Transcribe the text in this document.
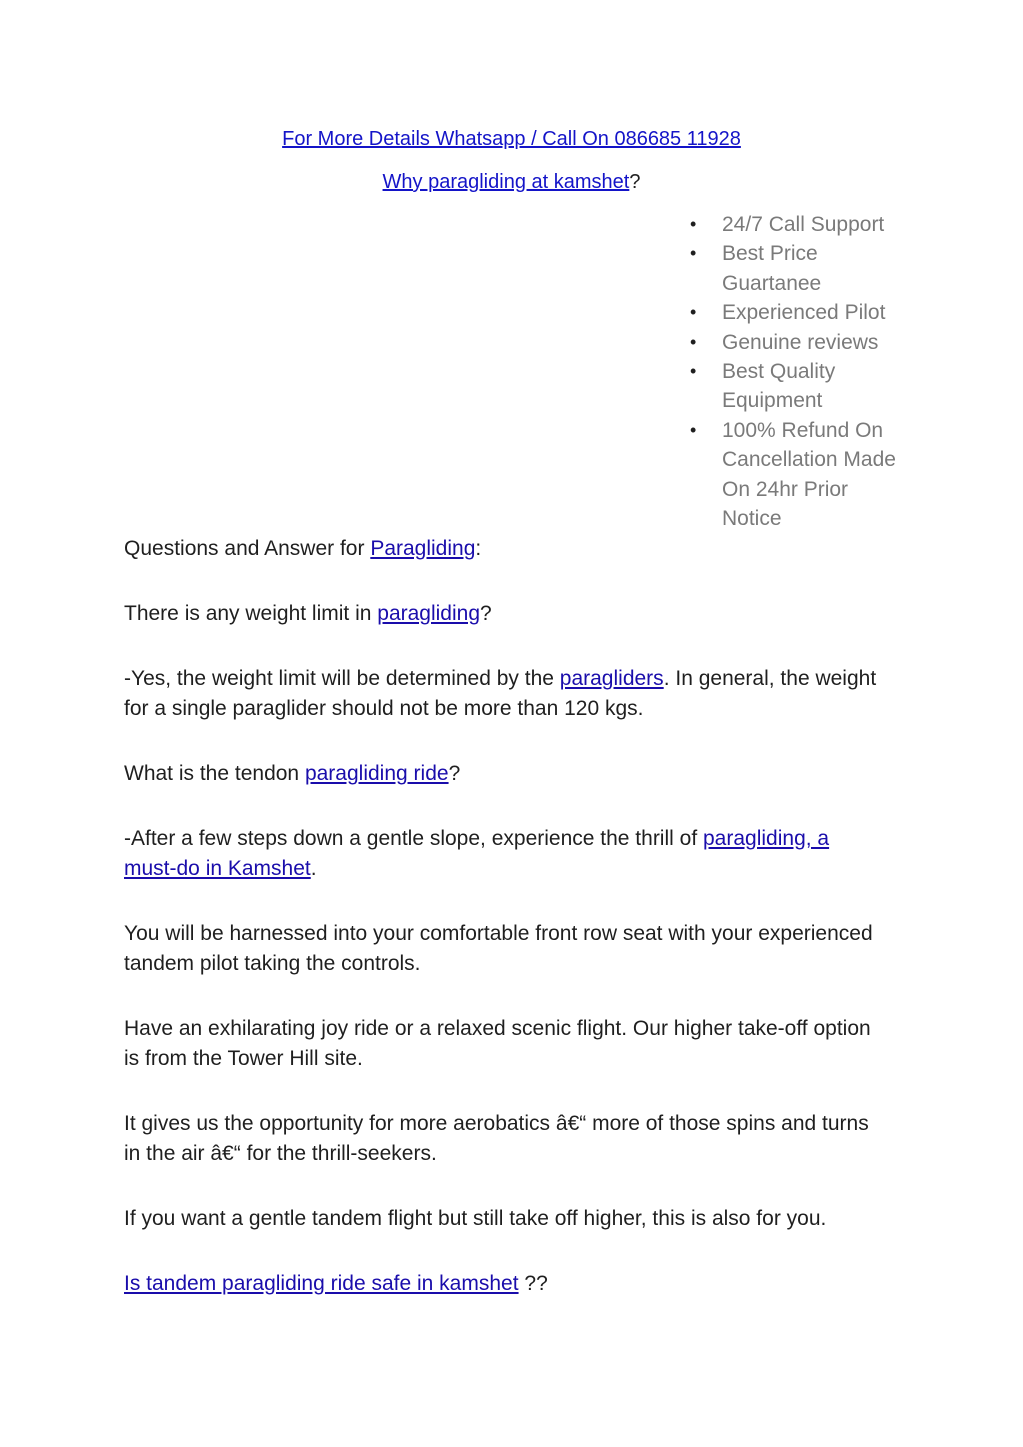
For More Details Whatsapp / Call On 086685 11928
Why paragliding at kamshet?
• 24/7 Call Support
• Best Price Guartanee
• Experienced Pilot
• Genuine reviews
• Best Quality Equipment
• 100% Refund On Cancellation Made On 24hr Prior Notice

Questions and Answer for Paragliding:

There is any weight limit in paragliding?

-Yes, the weight limit will be determined by the paragliders. In general, the weight for a single paraglider should not be more than 120 kgs.

What is the tendon paragliding ride?

-After a few steps down a gentle slope, experience the thrill of paragliding, a must-do in Kamshet.

You will be harnessed into your comfortable front row seat with your experienced tandem pilot taking the controls.

Have an exhilarating joy ride or a relaxed scenic flight. Our higher take-off option is from the Tower Hill site.

It gives us the opportunity for more aerobatics â€“ more of those spins and turns in the air â€“ for the thrill-seekers.

If you want a gentle tandem flight but still take off higher, this is also for you.

Is tandem paragliding ride safe in kamshet ??
